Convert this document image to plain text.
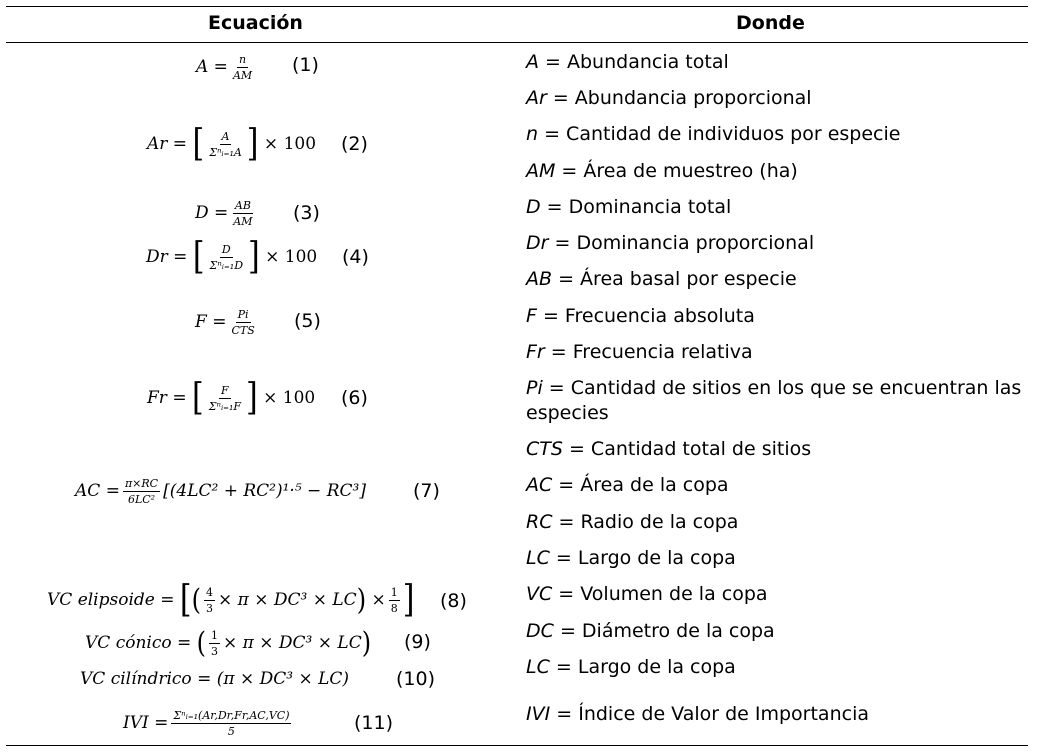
Ecuación	Donde
$A = \frac{n}{AM} (1)$
Ar = [ $\frac{A}{\text{Σⁿᵢ₌₁A}}$ ]
× 100 (2)
$D = \frac{AB}{AM} (3)$
Dr = [ $\frac{D}{\text{Σⁿᵢ₌₁D}}$ ]
× 100 (4)
$F = \frac{Pi}{\text{CTS}} (5)$
Fr = [ $\frac{F}{\text{Σⁿᵢ₌₁F}}$ ]
× 100 (6)
AC = $\frac{\pi\times RC}{\text{6LC²}} [(4LC^2 + RC^2)^1\cdot^5 - RC^3]$ (7)
VC elipsoide = [ ( $\frac{4}{3} \times \pi \times DC^3$ × LC ) × $\frac{1}{8}$ ] (8)
VC cónico = ( $\frac{1}{3} \times \pi \times DC^3$ × LC ) (9)
VC cilíndrico = (π × DC³ × LC) (10)
IVI = $\frac{\text{Σⁿᵢ₌₁(Ar,Dr,Fr,AC,VC)}}{5}$	(11)
A = Abundancia total
Ar = Abundancia proporcional
n = Cantidad de individuos por especie
AM = Área de muestreo (ha)
D = Dominancia total
Dr = Dominancia proporcional
AB = Área basal por especie
F = Frecuencia absoluta
Fr = Frecuencia relativa
Pi = Cantidad de sitios en los que se encuentran las especies
CTS = Cantidad total de sitios
AC = Área de la copa
RC = Radio de la copa
LC = Largo de la copa
VC = Volumen de la copa
DC = Diámetro de la copa
LC = Largo de la copa
IVI = Índice de Valor de Importancia
